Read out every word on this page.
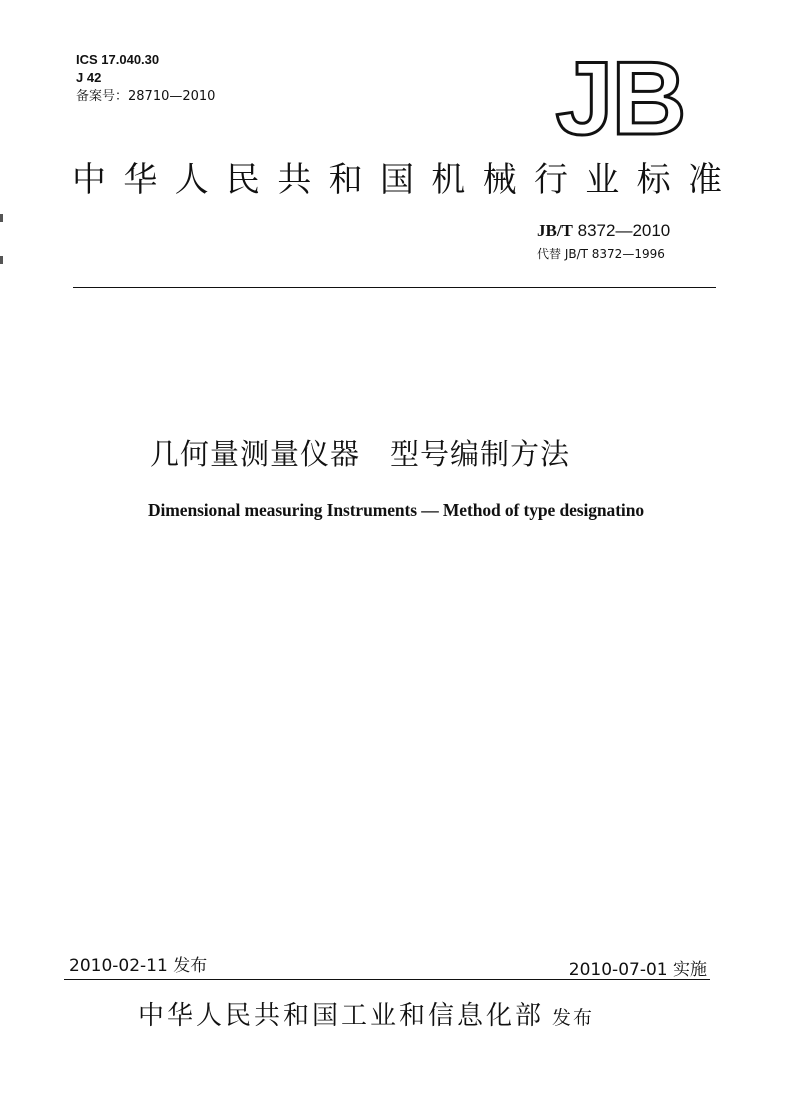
ICS 17.040.30
J 42
备案号：28710—2010	JB
中 华 人 民 共 和 国 机 械 行 业 标 准
JB/T 8372—2010
代替 JB/T 8372—1996
几何量测量仪器 型号编制方法
Dimensional measuring Instruments — Method of type designatino
2010-02-11 发布	2010-07-01 实施
中华人民共和国工业和信息化部 发布
